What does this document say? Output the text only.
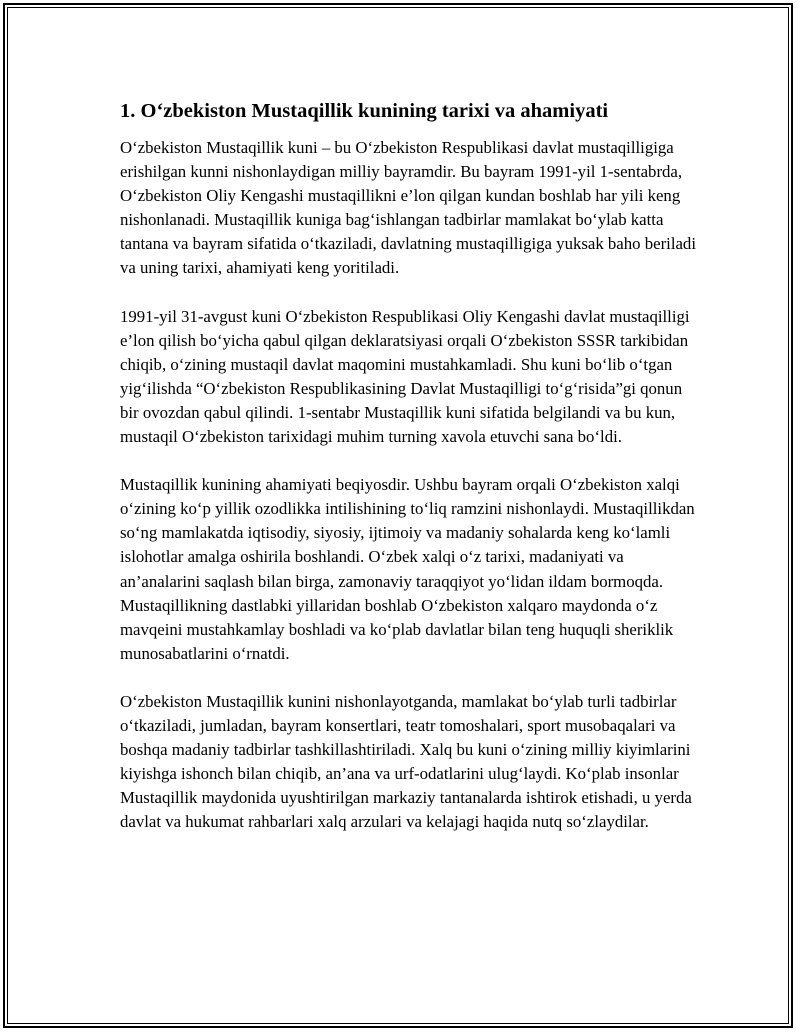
1. O‘zbekiston Mustaqillik kunining tarixi va ahamiyati

O‘zbekiston Mustaqillik kuni – bu O‘zbekiston Respublikasi davlat mustaqilligiga erishilgan kunni nishonlaydigan milliy bayramdir. Bu bayram 1991-yil 1-sentabrda, O‘zbekiston Oliy Kengashi mustaqillikni e’lon qilgan kundan boshlab har yili keng nishonlanadi. Mustaqillik kuniga bag‘ishlangan tadbirlar mamlakat bo‘ylab katta tantana va bayram sifatida o‘tkaziladi, davlatning mustaqilligiga yuksak baho beriladi va uning tarixi, ahamiyati keng yoritiladi.

1991-yil 31-avgust kuni O‘zbekiston Respublikasi Oliy Kengashi davlat mustaqilligi e’lon qilish bo‘yicha qabul qilgan deklaratsiyasi orqali O‘zbekiston SSSR tarkibidan chiqib, o‘zining mustaqil davlat maqomini mustahkamladi. Shu kuni bo‘lib o‘tgan yig‘ilishda “O‘zbekiston Respublikasining Davlat Mustaqilligi to‘g‘risida”gi qonun bir ovozdan qabul qilindi. 1-sentabr Mustaqillik kuni sifatida belgilandi va bu kun, mustaqil O‘zbekiston tarixidagi muhim turning xavola etuvchi sana bo‘ldi.

Mustaqillik kunining ahamiyati beqiyosdir. Ushbu bayram orqali O‘zbekiston xalqi o‘zining ko‘p yillik ozodlikka intilishining to‘liq ramzini nishonlaydi. Mustaqillikdan so‘ng mamlakatda iqtisodiy, siyosiy, ijtimoiy va madaniy sohalarda keng ko‘lamli islohotlar amalga oshirila boshlandi. O‘zbek xalqi o‘z tarixi, madaniyati va an’analarini saqlash bilan birga, zamonaviy taraqqiyot yo‘lidan ildam bormoqda. Mustaqillikning dastlabki yillaridan boshlab O‘zbekiston xalqaro maydonda o‘z mavqeini mustahkamlay boshladi va ko‘plab davlatlar bilan teng huquqli sheriklik munosabatlarini o‘rnatdi.

O‘zbekiston Mustaqillik kunini nishonlayotganda, mamlakat bo‘ylab turli tadbirlar o‘tkaziladi, jumladan, bayram konsertlari, teatr tomoshalari, sport musobaqalari va boshqa madaniy tadbirlar tashkillashtiriladi. Xalq bu kuni o‘zining milliy kiyimlarini kiyishga ishonch bilan chiqib, an’ana va urf-odatlarini ulug‘laydi. Ko‘plab insonlar Mustaqillik maydonida uyushtirilgan markaziy tantanalarda ishtirok etishadi, u yerda davlat va hukumat rahbarlari xalq arzulari va kelajagi haqida nutq so‘zlaydilar.
